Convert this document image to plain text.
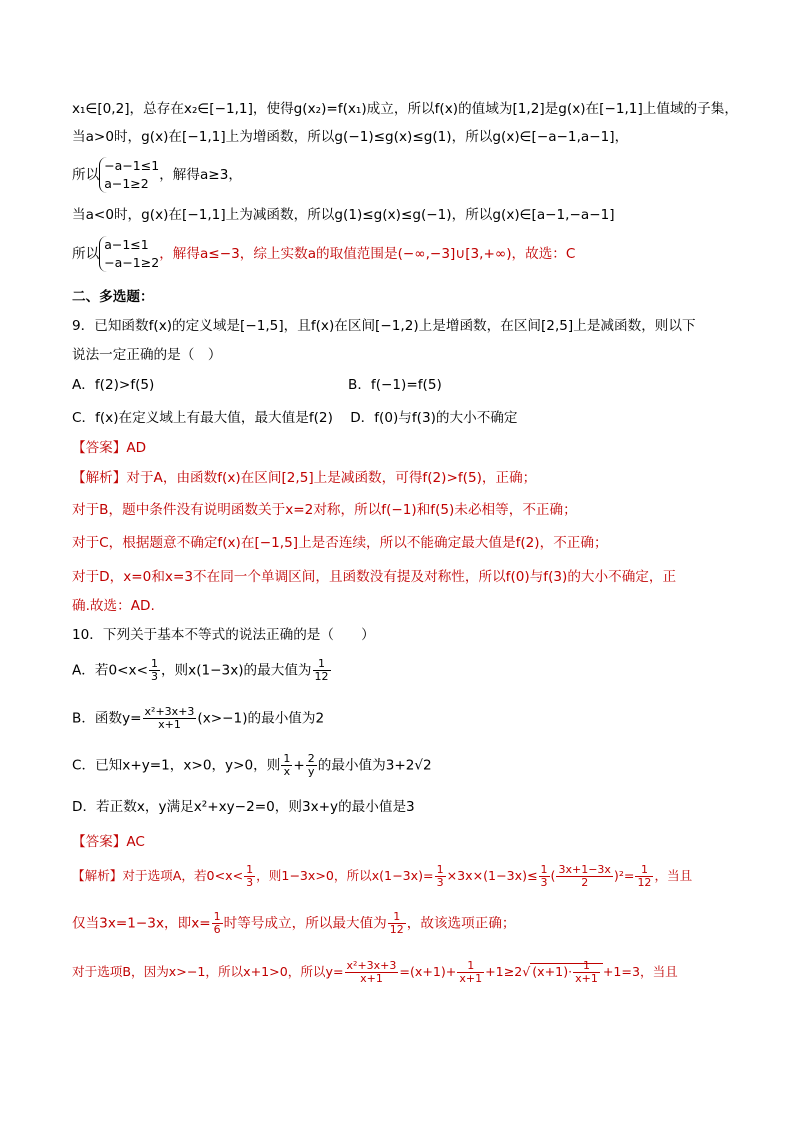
x₁∈[0,2]，总存在x₂∈[−1,1]，使得g(x₂)=f(x₁)成立，所以f(x)的值域为[1,2]是g(x)在[−1,1]上值域的子集，
当a>0时，g(x)在[−1,1]上为增函数，所以g(−1)≤g(x)≤g(1)，所以g(x)∈[−a−1,a−1]，
所以
−a−1≤1
a−1≥2
，解得a≥3，
当a<0时，g(x)在[−1,1]上为减函数，所以g(1)≤g(x)≤g(−1)，所以g(x)∈[a−1,−a−1]
所以
a−1≤1
−a−1≥2
，解得a≤−3，综上实数a的取值范围是(−∞,−3]∪[3,+∞)，故选：C
二、多选题：
9．已知函数f(x)的定义域是[−1,5]，且f(x)在区间[−1,2)上是增函数，在区间[2,5]上是减函数，则以下
说法一定正确的是（　）
A．f(2)>f(5)	B．f(−1)=f(5)
C．f(x)在定义域上有最大值，最大值是f(2) D．f(0)与f(3)的大小不确定
【答案】AD
【解析】对于A，由函数f(x)在区间[2,5]上是减函数，可得f(2)>f(5)，正确；
对于B，题中条件没有说明函数关于x=2对称，所以f(−1)和f(5)未必相等，不正确；
对于C，根据题意不确定f(x)在[−1,5]上是否连续，所以不能确定最大值是f(2)，不正确；
对于D，x=0和x=3不在同一个单调区间，且函数没有提及对称性，所以f(0)与f(3)的大小不确定，正
确.故选：AD.
10．下列关于基本不等式的说法正确的是（　　）
A．若$0<x< \frac{1}{3}$ ，则x(1−3x)的最大值为 $\frac{1}{12}$
B．函数$y= \frac{\text{x²+3x+3}}{x+1} (x>-1)$的最小值为2
C．已知x+y=1，x>0，y>0，则 $\frac{1}{x} + \frac{2}{y}$ 的最小值为3+2√2
D．若正数x，y满足x²+xy−2=0，则3x+y的最小值是3
【答案】AC
【解析】对于选项A，若$0<x< \frac{1}{3}$ ，则1−3x>0，所以$x(1-3x)= \frac{1}{3} \times 3x\times(1-3x)\le \frac{1}{3}$ ( $\frac{3x+1-3x}{2} )^2= \frac{1}{12}$ ，当且
仅当3x=1−3x，即$x= \frac{1}{6}$ 时等号成立，所以最大值为 $\frac{1}{12}$ ，故该选项正确；
对于选项B，因为x>−1，所以x+1>0，所以$y= \frac{\text{x²+3x+3}}{x+1} =(x+1)+ \frac{1}{x+1} +1\ge 2√$ $(x+1)\cdot \frac{1}{x+1} +1=3$，当且
